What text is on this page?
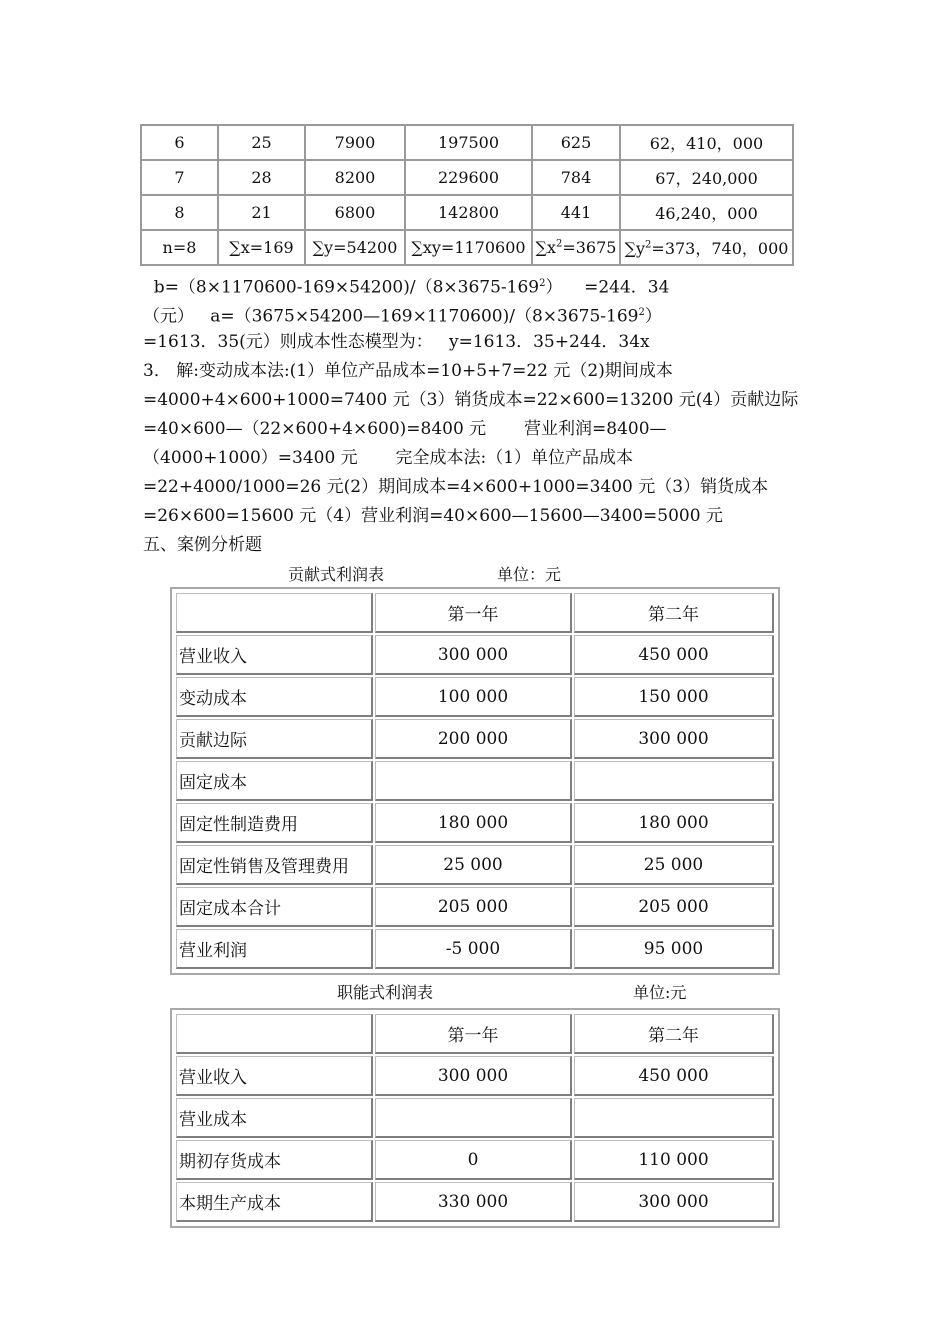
6	25	7900	197500	625	62，410，000
7	28	8200	229600	784	67，240,000
8	21	6800	142800	441	46,240，000
n=8	∑x=169	∑y=54200	∑xy=1170600	$\sum x^2=3675$	$\sum y^2=373$，740，000
$b=(8\times 1170600-169\times 54200)/(8\times 3675-169^2)$    =244．34
（元）   $a=(3675\times 54200—169\times 1170600)/(8\times 3675-169^2)$
=1613．35(元）则成本性态模型为：   y=1613．35+244．34x
3． 解:变动成本法:(1）单位产品成本=10+5+7=22 元（2)期间成本
=4000+4×600+1000=7400 元（3）销货成本=22×600=13200 元(4）贡献边际
=40×600—（22×600+4×600)=8400 元       营业利润=8400—
（4000+1000）=3400 元       完全成本法:（1）单位产品成本
=22+4000/1000=26 元(2）期间成本=4×600+1000=3400 元（3）销货成本
=26×600=15600 元（4）营业利润=40×600—15600—3400=5000 元
五、案例分析题
贡献式利润表	单位：元
	第一年	第二年
营业收入	300 000	450 000
变动成本	100 000	150 000
贡献边际	200 000	300 000
固定成本		
固定性制造费用	180 000	180 000
固定性销售及管理费用	25 000	25 000
固定成本合计	205 000	205 000
营业利润	-5 000	95 000
职能式利润表	单位:元
	第一年	第二年
营业收入	300 000	450 000
营业成本		
期初存货成本	0	110 000
本期生产成本	330 000	300 000
